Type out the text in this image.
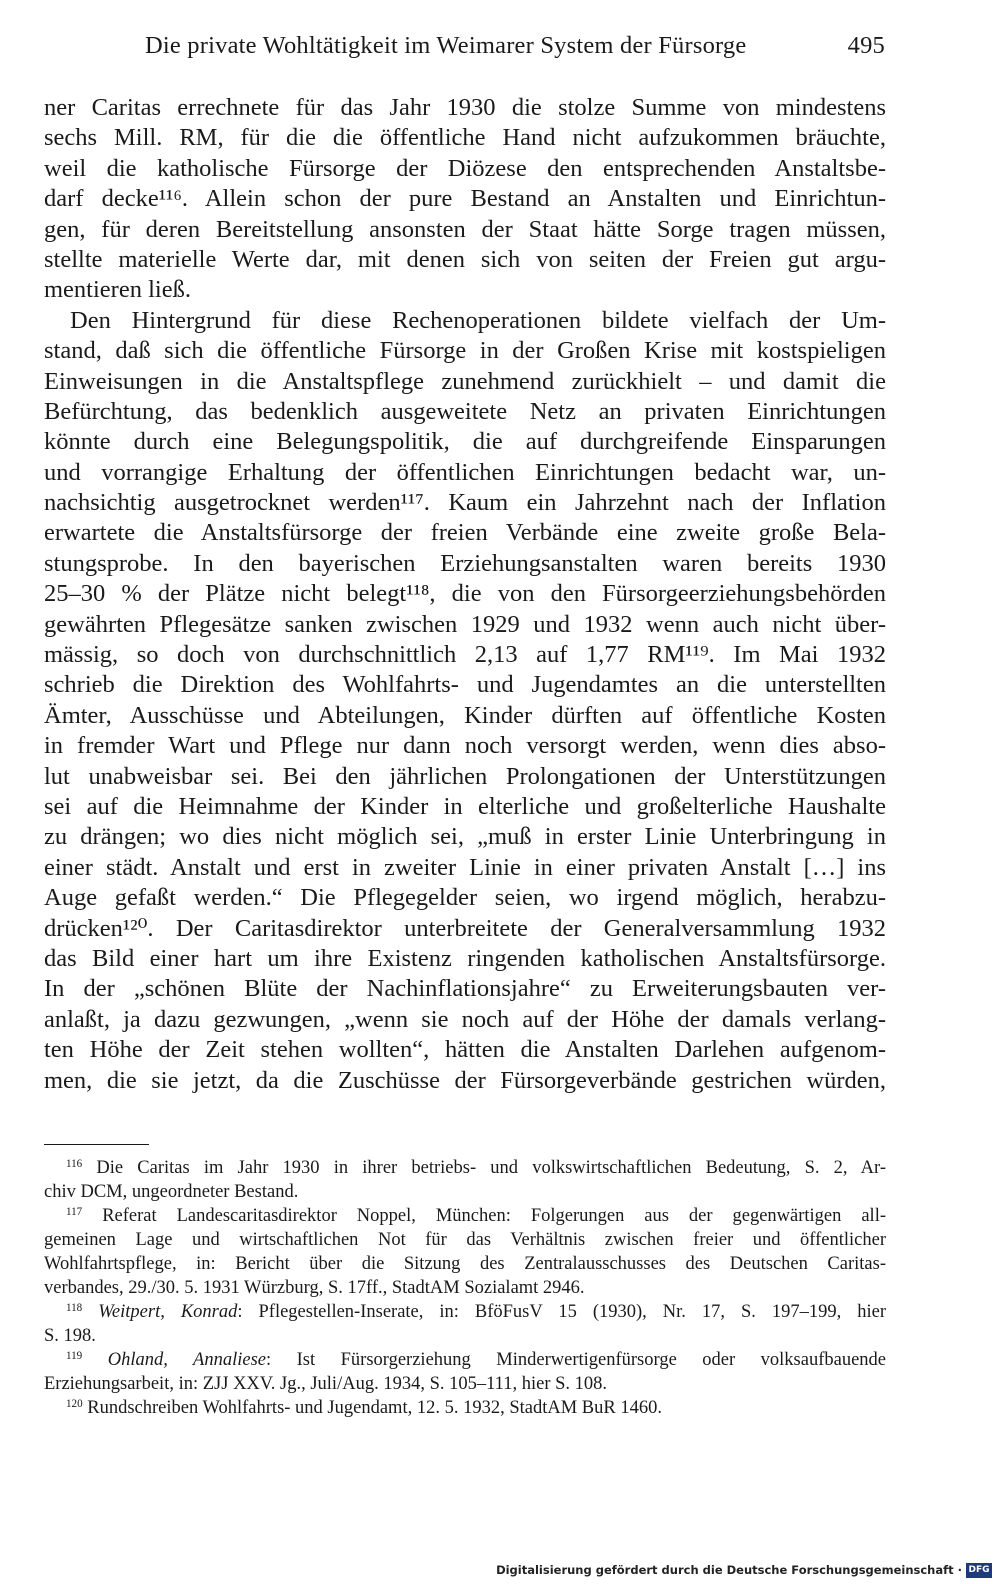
Die private Wohltätigkeit im Weimarer System der Fürsorge	495
ner Caritas errechnete für das Jahr 1930 die stolze Summe von mindestens
sechs Mill. RM, für die die öffentliche Hand nicht aufzukommen bräuchte,
weil die katholische Fürsorge der Diözese den entsprechenden Anstaltsbe-
darf decke¹¹⁶. Allein schon der pure Bestand an Anstalten und Einrichtun-
gen, für deren Bereitstellung ansonsten der Staat hätte Sorge tragen müssen,
stellte materielle Werte dar, mit denen sich von seiten der Freien gut argu-
mentieren ließ.
Den Hintergrund für diese Rechenoperationen bildete vielfach der Um-
stand, daß sich die öffentliche Fürsorge in der Großen Krise mit kostspieligen
Einweisungen in die Anstaltspflege zunehmend zurückhielt – und damit die
Befürchtung, das bedenklich ausgeweitete Netz an privaten Einrichtungen
könnte durch eine Belegungspolitik, die auf durchgreifende Einsparungen
und vorrangige Erhaltung der öffentlichen Einrichtungen bedacht war, un-
nachsichtig ausgetrocknet werden¹¹⁷. Kaum ein Jahrzehnt nach der Inflation
erwartete die Anstaltsfürsorge der freien Verbände eine zweite große Bela-
stungsprobe. In den bayerischen Erziehungsanstalten waren bereits 1930
25–30 % der Plätze nicht belegt¹¹⁸, die von den Fürsorgeerziehungsbehörden
gewährten Pflegesätze sanken zwischen 1929 und 1932 wenn auch nicht über-
mässig, so doch von durchschnittlich 2,13 auf 1,77 RM¹¹⁹. Im Mai 1932
schrieb die Direktion des Wohlfahrts- und Jugendamtes an die unterstellten
Ämter, Ausschüsse und Abteilungen, Kinder dürften auf öffentliche Kosten
in fremder Wart und Pflege nur dann noch versorgt werden, wenn dies abso-
lut unabweisbar sei. Bei den jährlichen Prolongationen der Unterstützungen
sei auf die Heimnahme der Kinder in elterliche und großelterliche Haushalte
zu drängen; wo dies nicht möglich sei, „muß in erster Linie Unterbringung in
einer städt. Anstalt und erst in zweiter Linie in einer privaten Anstalt […] ins
Auge gefaßt werden.“ Die Pflegegelder seien, wo irgend möglich, herabzu-
drücken¹²⁰. Der Caritasdirektor unterbreitete der Generalversammlung 1932
das Bild einer hart um ihre Existenz ringenden katholischen Anstaltsfürsorge.
In der „schönen Blüte der Nachinflationsjahre“ zu Erweiterungsbauten ver-
anlaßt, ja dazu gezwungen, „wenn sie noch auf der Höhe der damals verlang-
ten Höhe der Zeit stehen wollten“, hätten die Anstalten Darlehen aufgenom-
men, die sie jetzt, da die Zuschüsse der Fürsorgeverbände gestrichen würden,
$^{116}$ Die Caritas im Jahr 1930 in ihrer betriebs- und volkswirtschaftlichen Bedeutung, S. 2, Ar-
chiv DCM, ungeordneter Bestand.
$^{117}$ Referat Landescaritasdirektor Noppel, München: Folgerungen aus der gegenwärtigen all-
gemeinen Lage und wirtschaftlichen Not für das Verhältnis zwischen freier und öffentlicher
Wohlfahrtspflege, in: Bericht über die Sitzung des Zentralausschusses des Deutschen Caritas-
verbandes, 29./30. 5. 1931 Würzburg, S. 17ff., StadtAM Sozialamt 2946.
$^{118}$ Weitpert, Konrad: Pflegestellen-Inserate, in: BföFusV 15 (1930), Nr. 17, S. 197–199, hier
S. 198.
$^{119}$ Ohland, Annaliese: Ist Fürsorgerziehung Minderwertigenfürsorge oder volksaufbauende
Erziehungsarbeit, in: ZJJ XXV. Jg., Juli/Aug. 1934, S. 105–111, hier S. 108.
$^{120}$ Rundschreiben Wohlfahrts- und Jugendamt, 12. 5. 1932, StadtAM BuR 1460.
Digitalisierung gefördert durch die Deutsche Forschungsgemeinschaft · DFG
